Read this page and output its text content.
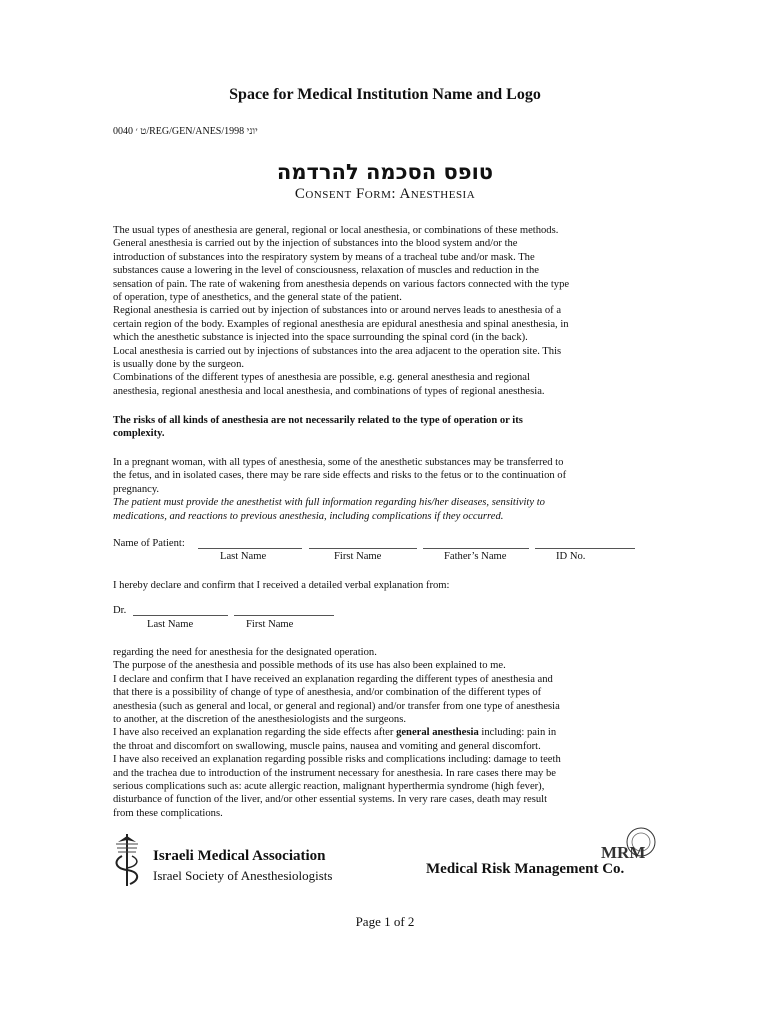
Space for Medical Institution Name and Logo
ט ׳ 0040/REG/GEN/ANES/יוני 1998
טופס הסכמה להרדמה
Consent Form: Anesthesia

The usual types of anesthesia are general, regional or local anesthesia, or combinations of these methods.

General anesthesia is carried out by the injection of substances into the blood system and/or the

introduction of substances into the respiratory system by means of a tracheal tube and/or mask. The

substances cause a lowering in the level of consciousness, relaxation of muscles and reduction in the

sensation of pain. The rate of wakening from anesthesia depends on various factors connected with the type

of operation, type of anesthetics, and the general state of the patient.

Regional anesthesia is carried out by injection of substances into or around nerves leads to anesthesia of a

certain region of the body. Examples of regional anesthesia are epidural anesthesia and spinal anesthesia, in

which the anesthetic substance is injected into the space surrounding the spinal cord (in the back).

Local anesthesia is carried out by injections of substances into the area adjacent to the operation site. This

is usually done by the surgeon.

Combinations of the different types of anesthesia are possible, e.g. general anesthesia and regional

anesthesia, regional anesthesia and local anesthesia, and combinations of types of regional anesthesia.

The risks of all kinds of anesthesia are not necessarily related to the type of operation or its

complexity.

In a pregnant woman, with all types of anesthesia, some of the anesthetic substances may be transferred to

the fetus, and in isolated cases, there may be rare side effects and risks to the fetus or to the continuation of

pregnancy.

The patient must provide the anesthetist with full information regarding his/her diseases, sensitivity to

medications, and reactions to previous anesthesia, including complications if they occurred.

Name of Patient:
Last Name	First Name	Father’s Name	ID No.
I hereby declare and confirm that I received a detailed verbal explanation from:
Dr.
Last Name	First Name

regarding the need for anesthesia for the designated operation.

The purpose of the anesthesia and possible methods of its use has also been explained to me.

I declare and confirm that I have received an explanation regarding the different types of anesthesia and

that there is a possibility of change of type of anesthesia, and/or combination of the different types of

anesthesia (such as general and local, or general and regional) and/or transfer from one type of anesthesia

to another, at the discretion of the anesthesiologists and the surgeons.

I have also received an explanation regarding the side effects after general anesthesia including: pain in

the throat and discomfort on swallowing, muscle pains, nausea and vomiting and general discomfort.

I have also received an explanation regarding possible risks and complications including: damage to teeth

and the trachea due to introduction of the instrument necessary for anesthesia. In rare cases there may be

serious complications such as: acute allergic reaction, malignant hyperthermia syndrome (high fever),

disturbance of function of the liver, and/or other essential systems. In very rare cases, death may result

from these complications.

Israeli Medical Association
Israel Society of Anesthesiologists
MRM
Medical Risk Management Co.
Page 1 of 2
